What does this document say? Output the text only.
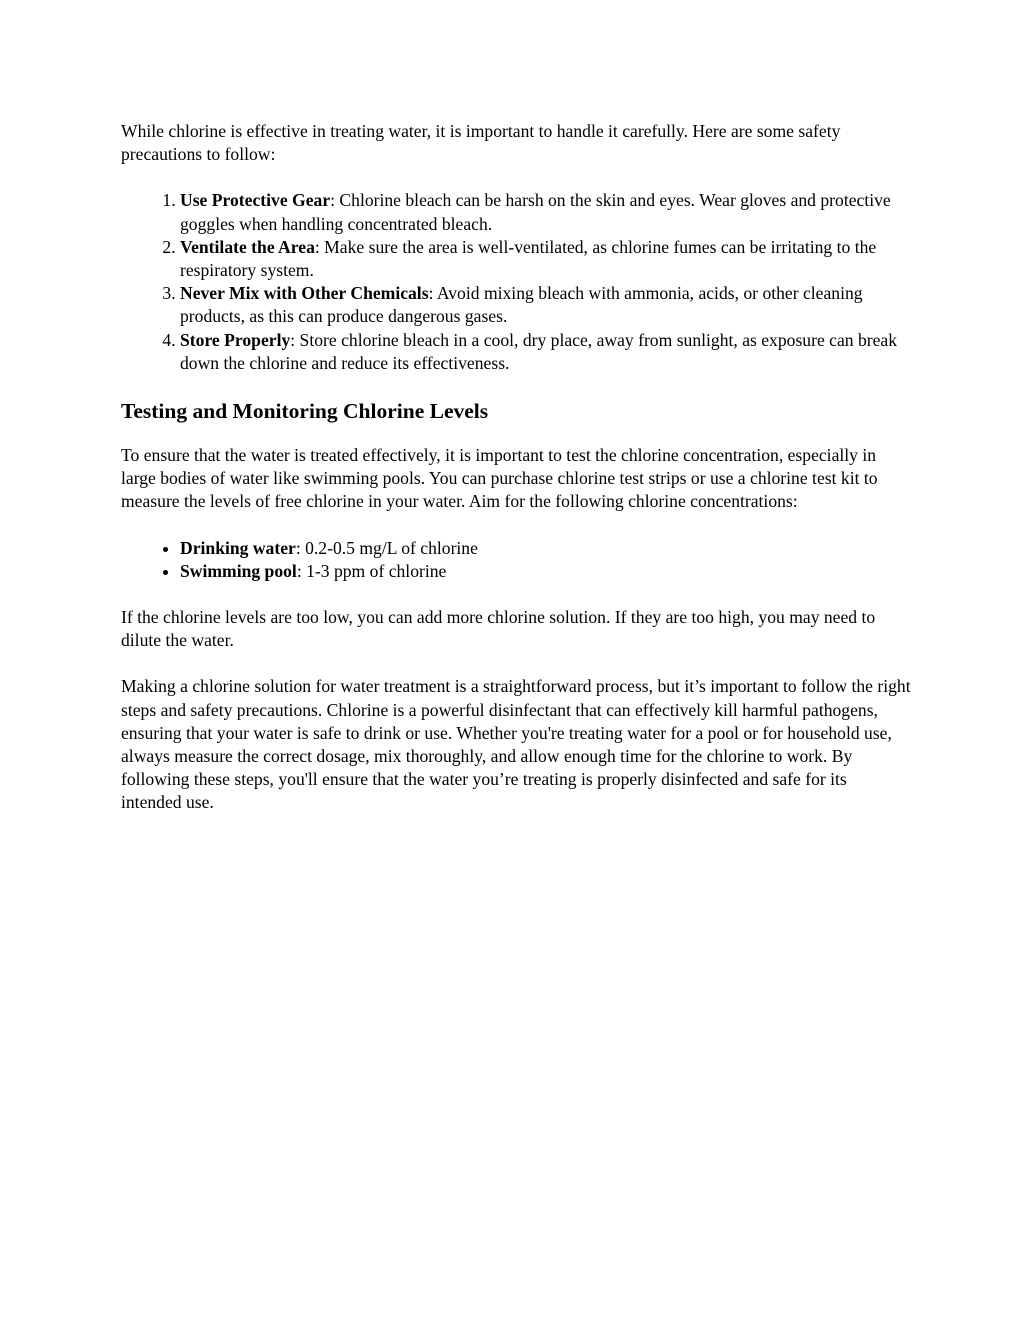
While chlorine is effective in treating water, it is important to handle it carefully. Here are some safety precautions to follow:

1. Use Protective Gear: Chlorine bleach can be harsh on the skin and eyes. Wear gloves and protective goggles when handling concentrated bleach.
2. Ventilate the Area: Make sure the area is well-ventilated, as chlorine fumes can be irritating to the respiratory system.
3. Never Mix with Other Chemicals: Avoid mixing bleach with ammonia, acids, or other cleaning products, as this can produce dangerous gases.
4. Store Properly: Store chlorine bleach in a cool, dry place, away from sunlight, as exposure can break down the chlorine and reduce its effectiveness.
Testing and Monitoring Chlorine Levels

To ensure that the water is treated effectively, it is important to test the chlorine concentration, especially in large bodies of water like swimming pools. You can purchase chlorine test strips or use a chlorine test kit to measure the levels of free chlorine in your water. Aim for the following chlorine concentrations:

• Drinking water: 0.2-0.5 mg/L of chlorine
• Swimming pool: 1-3 ppm of chlorine

If the chlorine levels are too low, you can add more chlorine solution. If they are too high, you may need to dilute the water.

Making a chlorine solution for water treatment is a straightforward process, but it’s important to follow the right steps and safety precautions. Chlorine is a powerful disinfectant that can effectively kill harmful pathogens, ensuring that your water is safe to drink or use. Whether you're treating water for a pool or for household use, always measure the correct dosage, mix thoroughly, and allow enough time for the chlorine to work. By following these steps, you'll ensure that the water you’re treating is properly disinfected and safe for its intended use.
